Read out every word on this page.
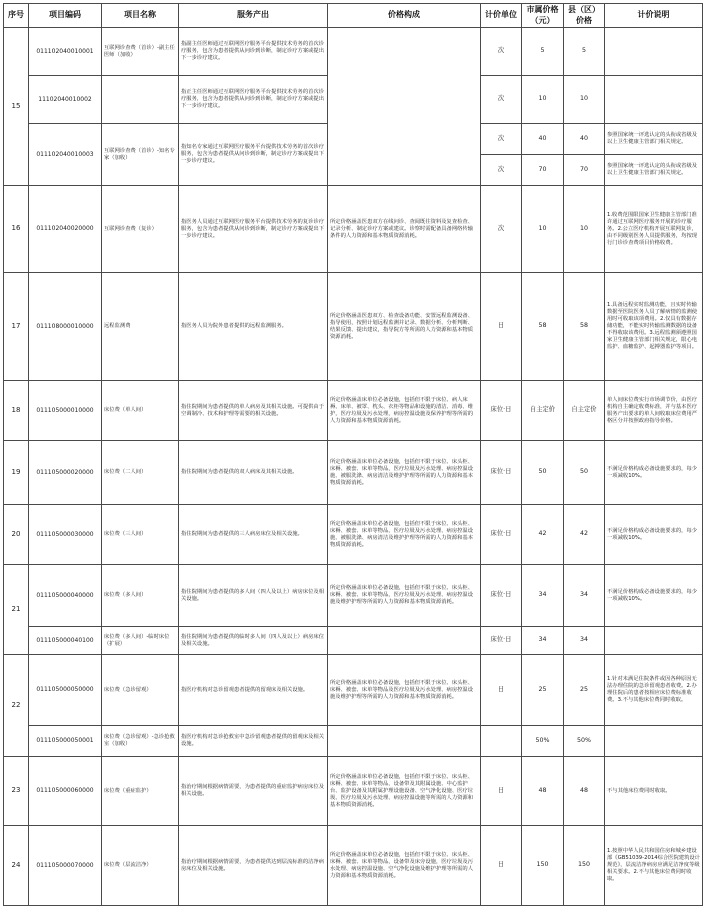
序号	项目编码	项目名称	服务产出	价格构成	计价单位	市属价格（元）	县（区）价格	计价说明
15	011102040010001	互联网诊查费（首诊）-副主任医师（加收）	指副主任医师通过互联网医疗服务平台提供技术劳务的首次诊疗服务，包含为患者提供从问诊到诊断，制定诊疗方案或提出下一步诊疗建议。		次	5	5	
	11102040010002		指正主任医师通过互联网医疗服务平台提供技术劳务的首次诊疗服务，包含为患者提供从问诊到诊断，制定诊疗方案或提出下一步诊疗建议。		次	10	10	
	011102040010003	互联网诊查费（首诊）-知名专家（加收）	指知名专家通过互联网医疗服务平台提供技术劳务的首次诊疗服务，包含为患者提供从问诊到诊断，制定诊疗方案或提出下一步诊疗建议。		次	40	40	参照国家统一评选认定的头衔或省级及以上卫生健康主管部门相关规定。
					次	70	70	参照国家统一评选认定的头衔或省级及以上卫生健康主管部门相关规定。
16	011102040020000	互联网诊查费（复诊）	指医务人员通过互联网医疗服务平台提供技术劳务的复诊诊疗服务，包含为患者提供从问诊到诊断，制定诊疗方案或提出下一步诊疗建议。	所定价格涵盖医患双方在线问诊、查阅既往资料及复查检查、记录分析、制定诊疗方案或建议。诊察时需配备具备网络传输条件的人力资源和基本物质资源消耗。	次	10	10	1.收费范围限国家卫生健康主管部门准许通过互联网医疗服务开展的诊疗服务。2.公立医疗机构开展互联网复诊，由不同级别医务人员提供服务，均按现行门诊诊查费项目价格收费。
17	011108000010000	远程监测费	指医务人员为院外患者提供的远程监测服务。	所定价格涵盖医患双方、检查设备功能、安置远程监测设备、指导使用，按照计划远程监测并记录、数据分析、分析判断、结果反馈、提出建议，指导院方等所需的人力资源和基本物质资源消耗。	日	58	58	1.具备远程实时监测功能，且实时传输数据至医院医务人员了解病情的监测使用时可收取该项费用。2.仅具有数据存储功能，不能实时传输监测数据的设备不得收取该费用。3.远程监测须遵照国家卫生健康主管部门相关规定，限心电监护、血糖监护、起搏器监护等项目。
18	011105000010000	床位费（单人间）	指住院期间为患者提供的单人病房及其相关设施。可提供由于空调制冷、技术和护理等需要的相关设施。	所定价格涵盖床单位必备设施，包括但不限于床位、病人床褥、床单、被罩、枕头、衣柜等物品和设施的清洁、消毒、维护，医疗垃圾及污水处理，病房控温设施及保养护理等所需的人力资源和基本物质资源消耗。	床位·日	自主定价	自主定价	单人间床位费实行市场调节价，由医疗机构自主确定收费标准，并与基本医疗服务产出要求的单人间收取床位费用严格区分并按照政府指导价格。
19	011105000020000	床位费（二人间）	指住院期间为患者提供的双人病床及其相关设施。	所定价格涵盖床单位必备设施，包括但不限于床位、床头柜、床褥、被套、床单等物品，医疗垃圾及污水处理、病房控温设施、被服洗涤、病房清洁及维护护理等所需的人力资源和基本物质资源消耗。	床位·日	50	50	不满足价格构成必备设施要求的，每少一项减收10%。
20	011105000030000	床位费（三人间）	指住院期间为患者提供的三人病房床位及相关设施。	所定价格涵盖床单位必备设施，包括但不限于床位、床头柜、床褥、被套、床单等物品，医疗垃圾及污水处理、病房控温设施、被服洗涤、病房清洁及维护护理等所需的人力资源和基本物质资源消耗。	床位·日	42	42	不满足价格构成必备设施要求的，每少一项减收10%。
21	011105000040000	床位费（多人间）	指住院期间为患者提供的多人间（四人及以上）病房床位及相关设施。	所定价格涵盖床单位必备设施，包括但不限于床位、床头柜、床褥、被套、床单等物品，医疗垃圾及污水处理、病房控温设施及维护护理等所需的人力资源和基本物质资源消耗。	床位·日	34	34	不满足价格构成必备设施要求的，每少一项减收10%。
	011105000040100	床位费（多人间）-临时床位（扩展）	指住院期间为患者提供的临时多人间（四人及以上）病房床位及相关设施。		床位·日	34	34	
22	011105000050000	床位费（急诊留观）	指医疗机构对急诊留观患者提供的留观床及相关设施。	所定价格涵盖床单位必备设施，包括但不限于床位、床头柜、床褥、被套、床单等物品及医疗垃圾及污水处理、病房控温设施及维护护理等所需的人力资源和基本物质资源消耗。	日	25	25	1.针对未满足住院条件或因各种原因无法办理住院的急诊留观患者收费。2.办理住院后的患者按相应床位费标准收费。3.不与其他床位费同时收取。
	011105000050001	床位费（急诊留观）-急诊抢救室（加收）	指医疗机构对急诊抢救室中急诊留观患者提供的留观床及相关设施。			50%	50%	
23	011105000060000	床位费（重症监护）	指治疗期间根据病情需要，为患者提供的重症监护病房床位及相关设施。	所定价格涵盖床单位必备设施，包括但不限于床位、床头柜、床褥、被套、床单等物品，设备带及其附属设施、中心监护台、监护设备及其附属护理设施设备、空气净化设施、医疗垃圾、医疗垃圾及污水处理、病房控温设施等所需的人力资源和基本物质资源消耗。	日	48	48	不与其他床位费同时收取。
24	011105000070000	床位费（层流洁净）	指治疗期间根据病情需要，为患者提供达到层流标准的洁净病房床位及相关设施。	所定价格涵盖床单位必备设施，包括但不限于床位、床头柜、床褥、被套、床单等物品，设备带及床旁设施，医疗垃圾及污水处理、病房控温设施、空气净化设施及维护护理等所需的人力资源和基本物质资源消耗。	日	150	150	1.按照中华人民共和国住房和城乡建设部《GB51039-2014综合医院建筑设计规范》，层流洁净病房应满足洁净度等级相关要求。2.不与其他床位费同时收取。
